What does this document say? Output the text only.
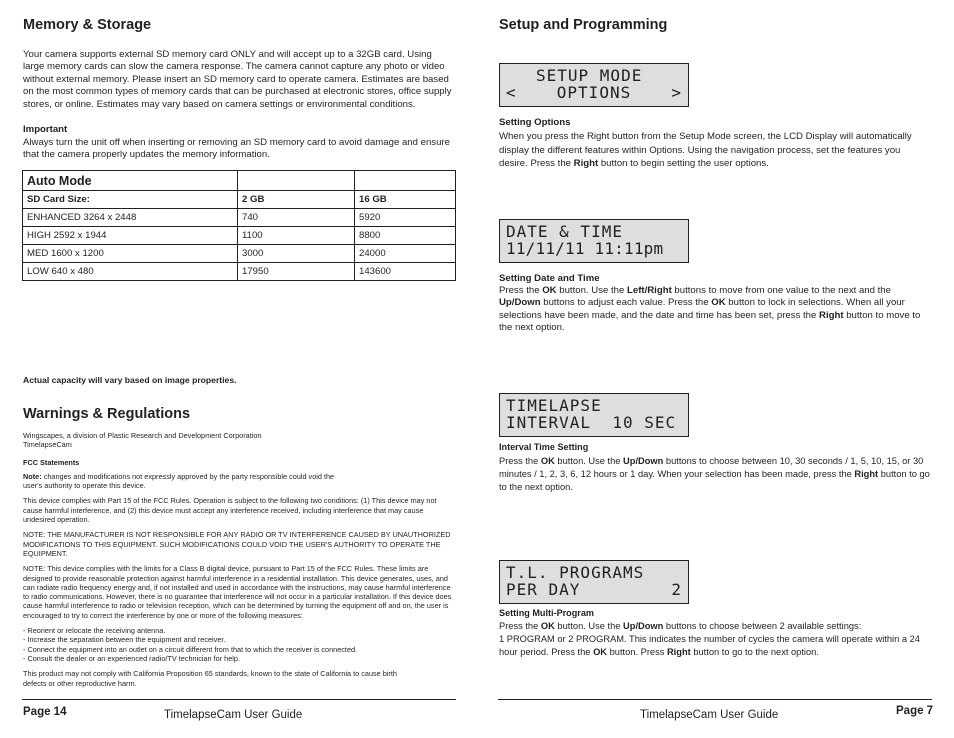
Memory & Storage
Your camera supports external SD memory card ONLY and will accept up to a 32GB card. Using large memory cards can slow the camera response. The camera cannot capture any photo or video without external memory. Please insert an SD memory card to operate camera. Estimates are based on the most common types of memory cards that can be purchased at electronic stores, office supply stores, or online. Estimates may vary based on camera settings or environmental conditions.
Important
Always turn the unit off when inserting or removing an SD memory card to avoid damage and ensure that the camera properly updates the memory information.
Auto Mode		
SD Card Size:	2 GB	16 GB
ENHANCED 3264 x 2448	740	5920
HIGH 2592 x 1944	1100	8800
MED 1600 x 1200	3000	24000
LOW 640 x 480	17950	143600
Actual capacity will vary based on image properties.
Warnings & Regulations
Wingscapes, a division of Plastic Research and Development Corporation
TimelapseCam
FCC Statements

Note: changes and modifications not expressly approved by the party responsible could void the user's authority to operate this device.

This device complies with Part 15 of the FCC Rules. Operation is subject to the following two conditions: (1) This device may not cause harmful interference, and (2) this device must accept any interference received, including interference that may cause undesired operation.

NOTE: THE MANUFACTURER IS NOT RESPONSIBLE FOR ANY RADIO OR TV INTERFERENCE CAUSED BY UNAUTHORIZED MODIFICATIONS TO THIS EQUIPMENT. SUCH MODIFICATIONS COULD VOID THE USER'S AUTHORITY TO OPERATE THE EQUIPMENT.

NOTE: This device complies with the limits for a Class B digital device, pursuant to Part 15 of the FCC Rules. These limits are designed to provide reasonable protection against harmful interference in a residential installation. This device generates, uses, and can radiate radio frequency energy and, if not installed and used in accordance with the instructions, may cause harmful interference to radio communications. However, there is no guarantee that interference will not occur in a particular installation. If this device does cause harmful interference to radio or television reception, which can be determined by turning the equipment off and on, the user is encouraged to try to correct the interference by one or more of the following measures:

- Reorient or relocate the receiving antenna.
- Increase the separation between the equipment and receiver.
- Connect the equipment into an outlet on a circuit different from that to which the receiver is connected.
- Consult the dealer or an experienced radio/TV technician for help.

This product may not comply with California Proposition 65 standards, known to the state of California to cause birth defects or other reproductive harm.

Page 14	TimelapseCam User Guide
Setup and Programming
SETUP MODE
<	OPTIONS	>
Setting Options
When you press the Right button from the Setup Mode screen, the LCD Display will automatically display the different features within Options. Using the navigation process, set the features you desire. Press the Right button to begin setting the user options.
DATE & TIME
11/11/11 11:11pm
Setting Date and Time
Press the OK button. Use the Left/Right buttons to move from one value to the next and the Up/Down buttons to adjust each value. Press the OK button to lock in selections. When all your selections have been made, and the date and time has been set, press the Right button to move to the next option.
TIMELAPSE
INTERVAL  10 SEC
Interval Time Setting
Press the OK button. Use the Up/Down buttons to choose between 10, 30 seconds / 1, 5, 10, 15, or 30 minutes / 1, 2, 3, 6, 12 hours or 1 day. When your selection has been made, press the Right button to go to the next option.
T.L. PROGRAMS
PER DAY	2
Setting Multi-Program
Press the OK button. Use the Up/Down buttons to choose between 2 available settings:
1 PROGRAM or 2 PROGRAM. This indicates the number of cycles the camera will operate within a 24 hour period. Press the OK button. Press Right button to go to the next option.
TimelapseCam User Guide	Page 7
